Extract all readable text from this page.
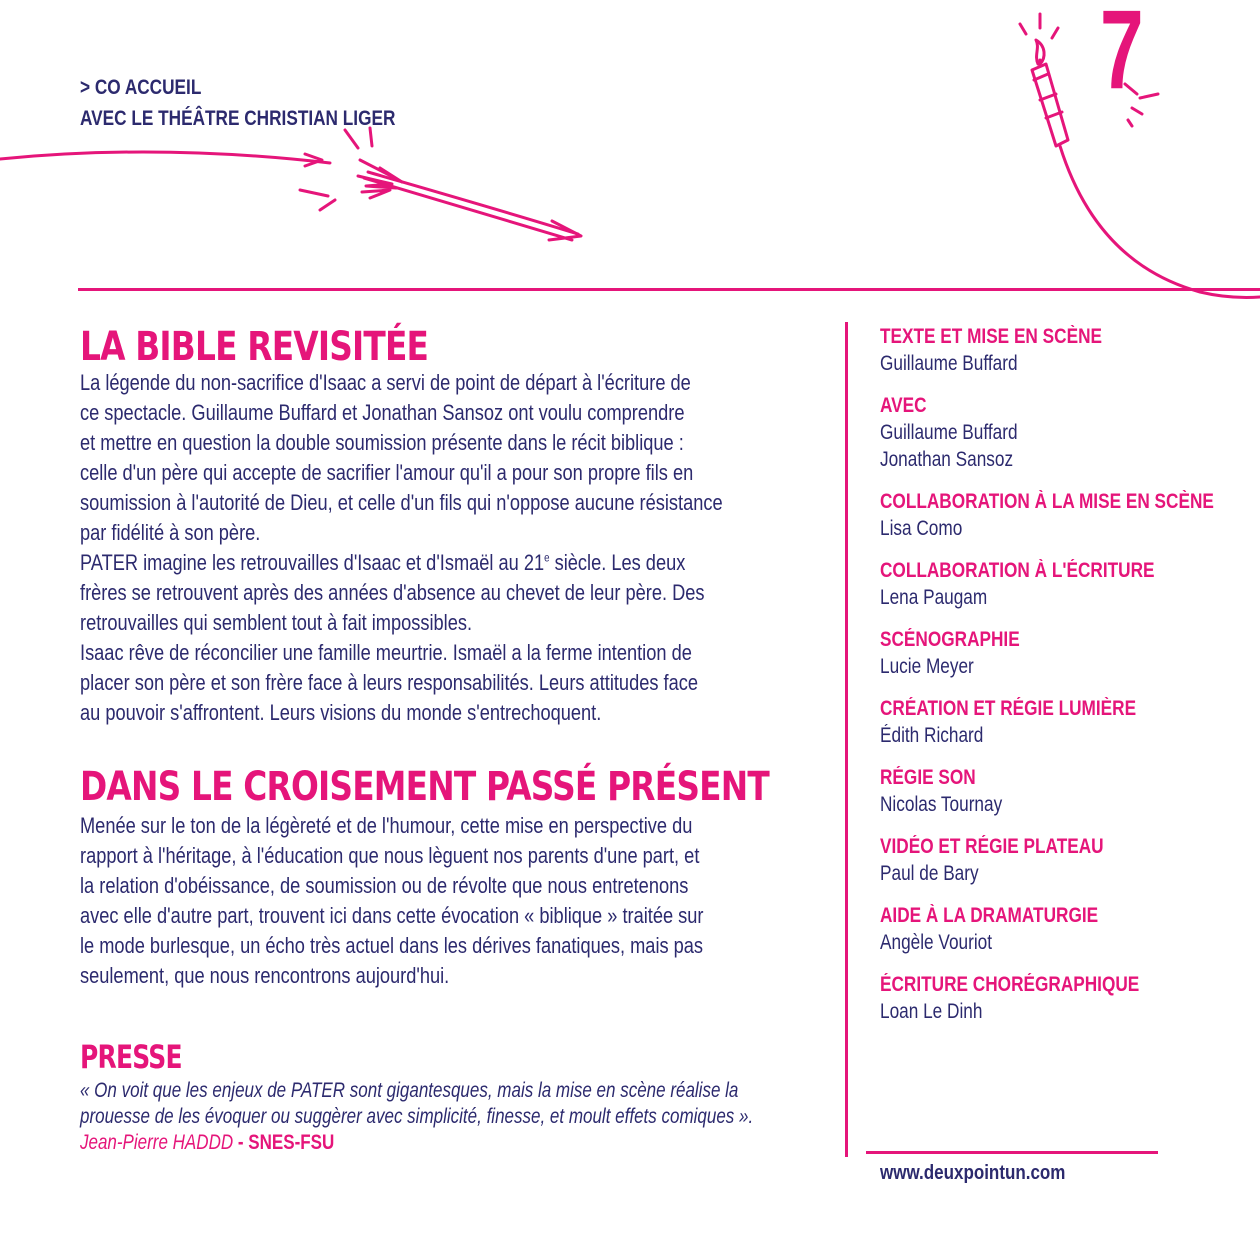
> CO ACCUEIL
AVEC LE THÉÂTRE CHRISTIAN LIGER
7
LA BIBLE REVISITÉE
La légende du non-sacrifice d'Isaac a servi de point de départ à l'écriture de
ce spectacle. Guillaume Buffard et Jonathan Sansoz ont voulu comprendre
et mettre en question la double soumission présente dans le récit biblique :
celle d'un père qui accepte de sacrifier l'amour qu'il a pour son propre fils en
soumission à l'autorité de Dieu, et celle d'un fils qui n'oppose aucune résistance
par fidélité à son père.
PATER imagine les retrouvailles d'Isaac et d'Ismaël au 21e siècle. Les deux
frères se retrouvent après des années d'absence au chevet de leur père. Des
retrouvailles qui semblent tout à fait impossibles.
Isaac rêve de réconcilier une famille meurtrie. Ismaël a la ferme intention de
placer son père et son frère face à leurs responsabilités. Leurs attitudes face
au pouvoir s'affrontent. Leurs visions du monde s'entrechoquent.
DANS LE CROISEMENT PASSÉ PRÉSENT
Menée sur le ton de la légèreté et de l'humour, cette mise en perspective du
rapport à l'héritage, à l'éducation que nous lèguent nos parents d'une part, et
la relation d'obéissance, de soumission ou de révolte que nous entretenons
avec elle d'autre part, trouvent ici dans cette évocation « biblique » traitée sur
le mode burlesque, un écho très actuel dans les dérives fanatiques, mais pas
seulement, que nous rencontrons aujourd'hui.
PRESSE
« On voit que les enjeux de PATER sont gigantesques, mais la mise en scène réalise la
prouesse de les évoquer ou suggèrer avec simplicité, finesse, et moult effets comiques ».
Jean-Pierre HADDD - SNES-FSU
TEXTE ET MISE EN SCÈNE
Guillaume Buffard
AVEC
Guillaume Buffard
Jonathan Sansoz
COLLABORATION À LA MISE EN SCÈNE
Lisa Como
COLLABORATION À L'ÉCRITURE
Lena Paugam
SCÉNOGRAPHIE
Lucie Meyer
CRÉATION ET RÉGIE LUMIÈRE
Édith Richard
RÉGIE SON
Nicolas Tournay
VIDÉO ET RÉGIE PLATEAU
Paul de Bary
AIDE À LA DRAMATURGIE
Angèle Vouriot
ÉCRITURE CHORÉGRAPHIQUE
Loan Le Dinh
www.deuxpointun.com
